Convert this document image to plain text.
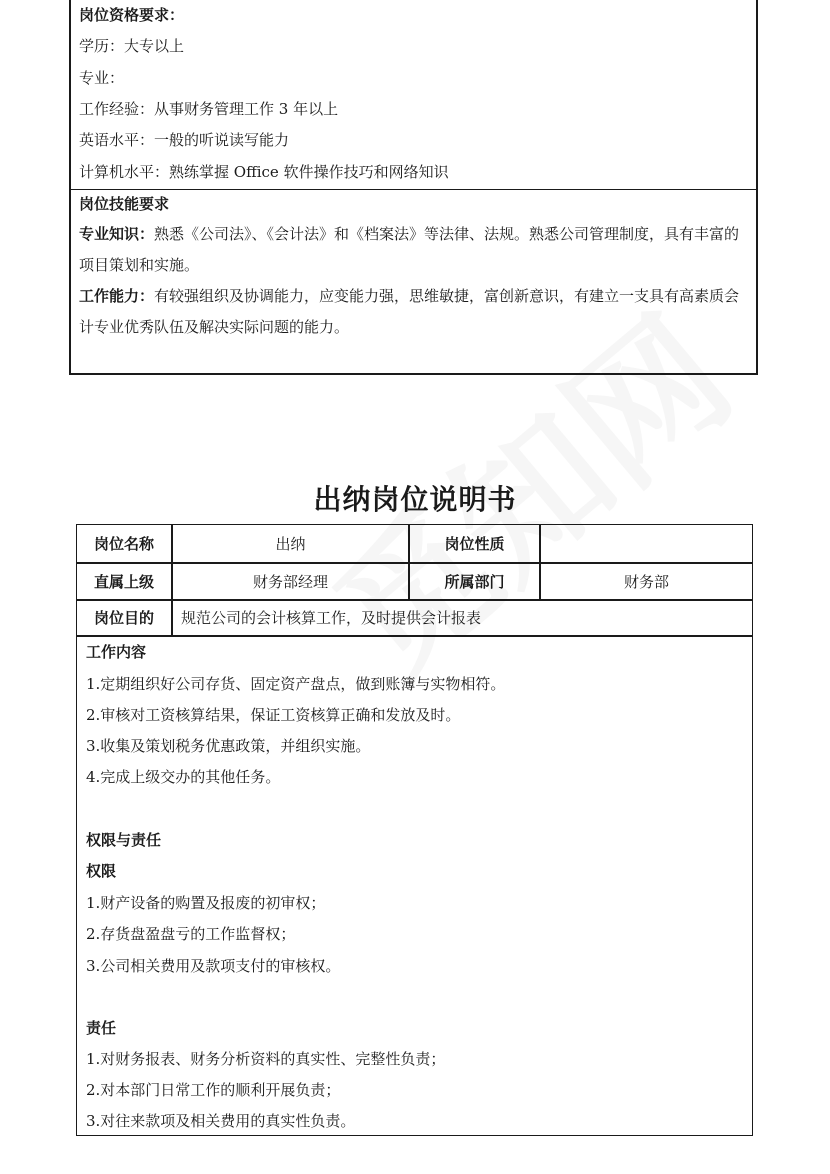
岗位资格要求：
学历：大专以上
专业：
工作经验：从事财务管理工作 3 年以上
英语水平：一般的听说读写能力
计算机水平：熟练掌握 Office 软件操作技巧和网络知识
岗位技能要求
专业知识：熟悉《公司法》、《会计法》和《档案法》等法律、法规。熟悉公司管理制度，具有丰富的项目策划和实施。
工作能力：有较强组织及协调能力，应变能力强，思维敏捷，富创新意识，有建立一支具有高素质会计专业优秀队伍及解决实际问题的能力。
出纳岗位说明书
岗位名称	出纳	岗位性质
直属上级	财务部经理	所属部门	财务部
岗位目的	规范公司的会计核算工作，及时提供会计报表
工作内容
1.定期组织好公司存货、固定资产盘点，做到账簿与实物相符。
2.审核对工资核算结果，保证工资核算正确和发放及时。
3.收集及策划税务优惠政策，并组织实施。
4.完成上级交办的其他任务。
权限与责任
权限
1.财产设备的购置及报废的初审权；
2.存货盘盈盘亏的工作监督权；
3.公司相关费用及款项支付的审核权。
责任
1.对财务报表、财务分析资料的真实性、完整性负责；
2.对本部门日常工作的顺利开展负责；
3.对往来款项及相关费用的真实性负责。
